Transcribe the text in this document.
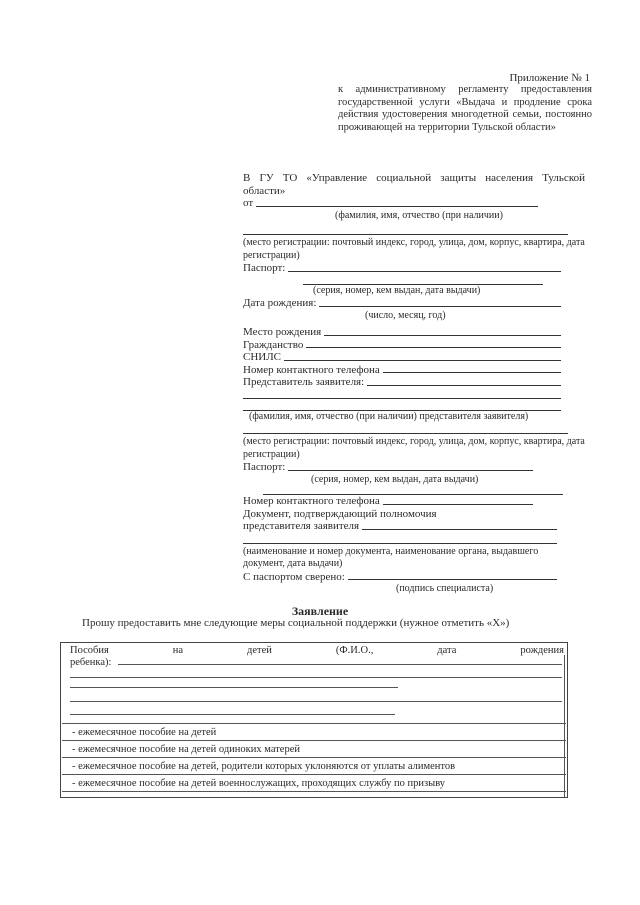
Приложение № 1
к административному регламенту предоставления государственной услуги «Выдача и продление срока действия удостоверения многодетной семьи, постоянно проживающей на территории Тульской области»
В ГУ ТО «Управление социальной защиты населения Тульской области»
от
(фамилия, имя, отчество (при наличии)
(место регистрации: почтовый индекс, город, улица, дом, корпус, квартира, дата регистрации)
Паспорт:
(серия, номер, кем выдан, дата выдачи)
Дата рождения:
(число, месяц, год)
Место рождения
Гражданство
СНИЛС
Номер контактного телефона
Представитель заявителя:
(фамилия, имя, отчество (при наличии) представителя заявителя)
(место регистрации: почтовый индекс, город, улица, дом, корпус, квартира, дата регистрации)
Паспорт:
(серия, номер, кем выдан, дата выдачи)
Номер контактного телефона
Документ, подтверждающий полномочия
представителя заявителя
(наименование и номер документа, наименование органа, выдавшего документ, дата выдачи)
С паспортом сверено:
(подпись специалиста)
Заявление
Прошу предоставить мне следующие меры социальной поддержки (нужное отметить «Х»)
Пособия	на	детей	(Ф.И.О.,	дата	рождения
ребенка):
- ежемесячное пособие на детей
- ежемесячное пособие на детей одиноких матерей
- ежемесячное пособие на детей, родители которых уклоняются от уплаты алиментов
- ежемесячное пособие на детей военнослужащих, проходящих службу по призыву
